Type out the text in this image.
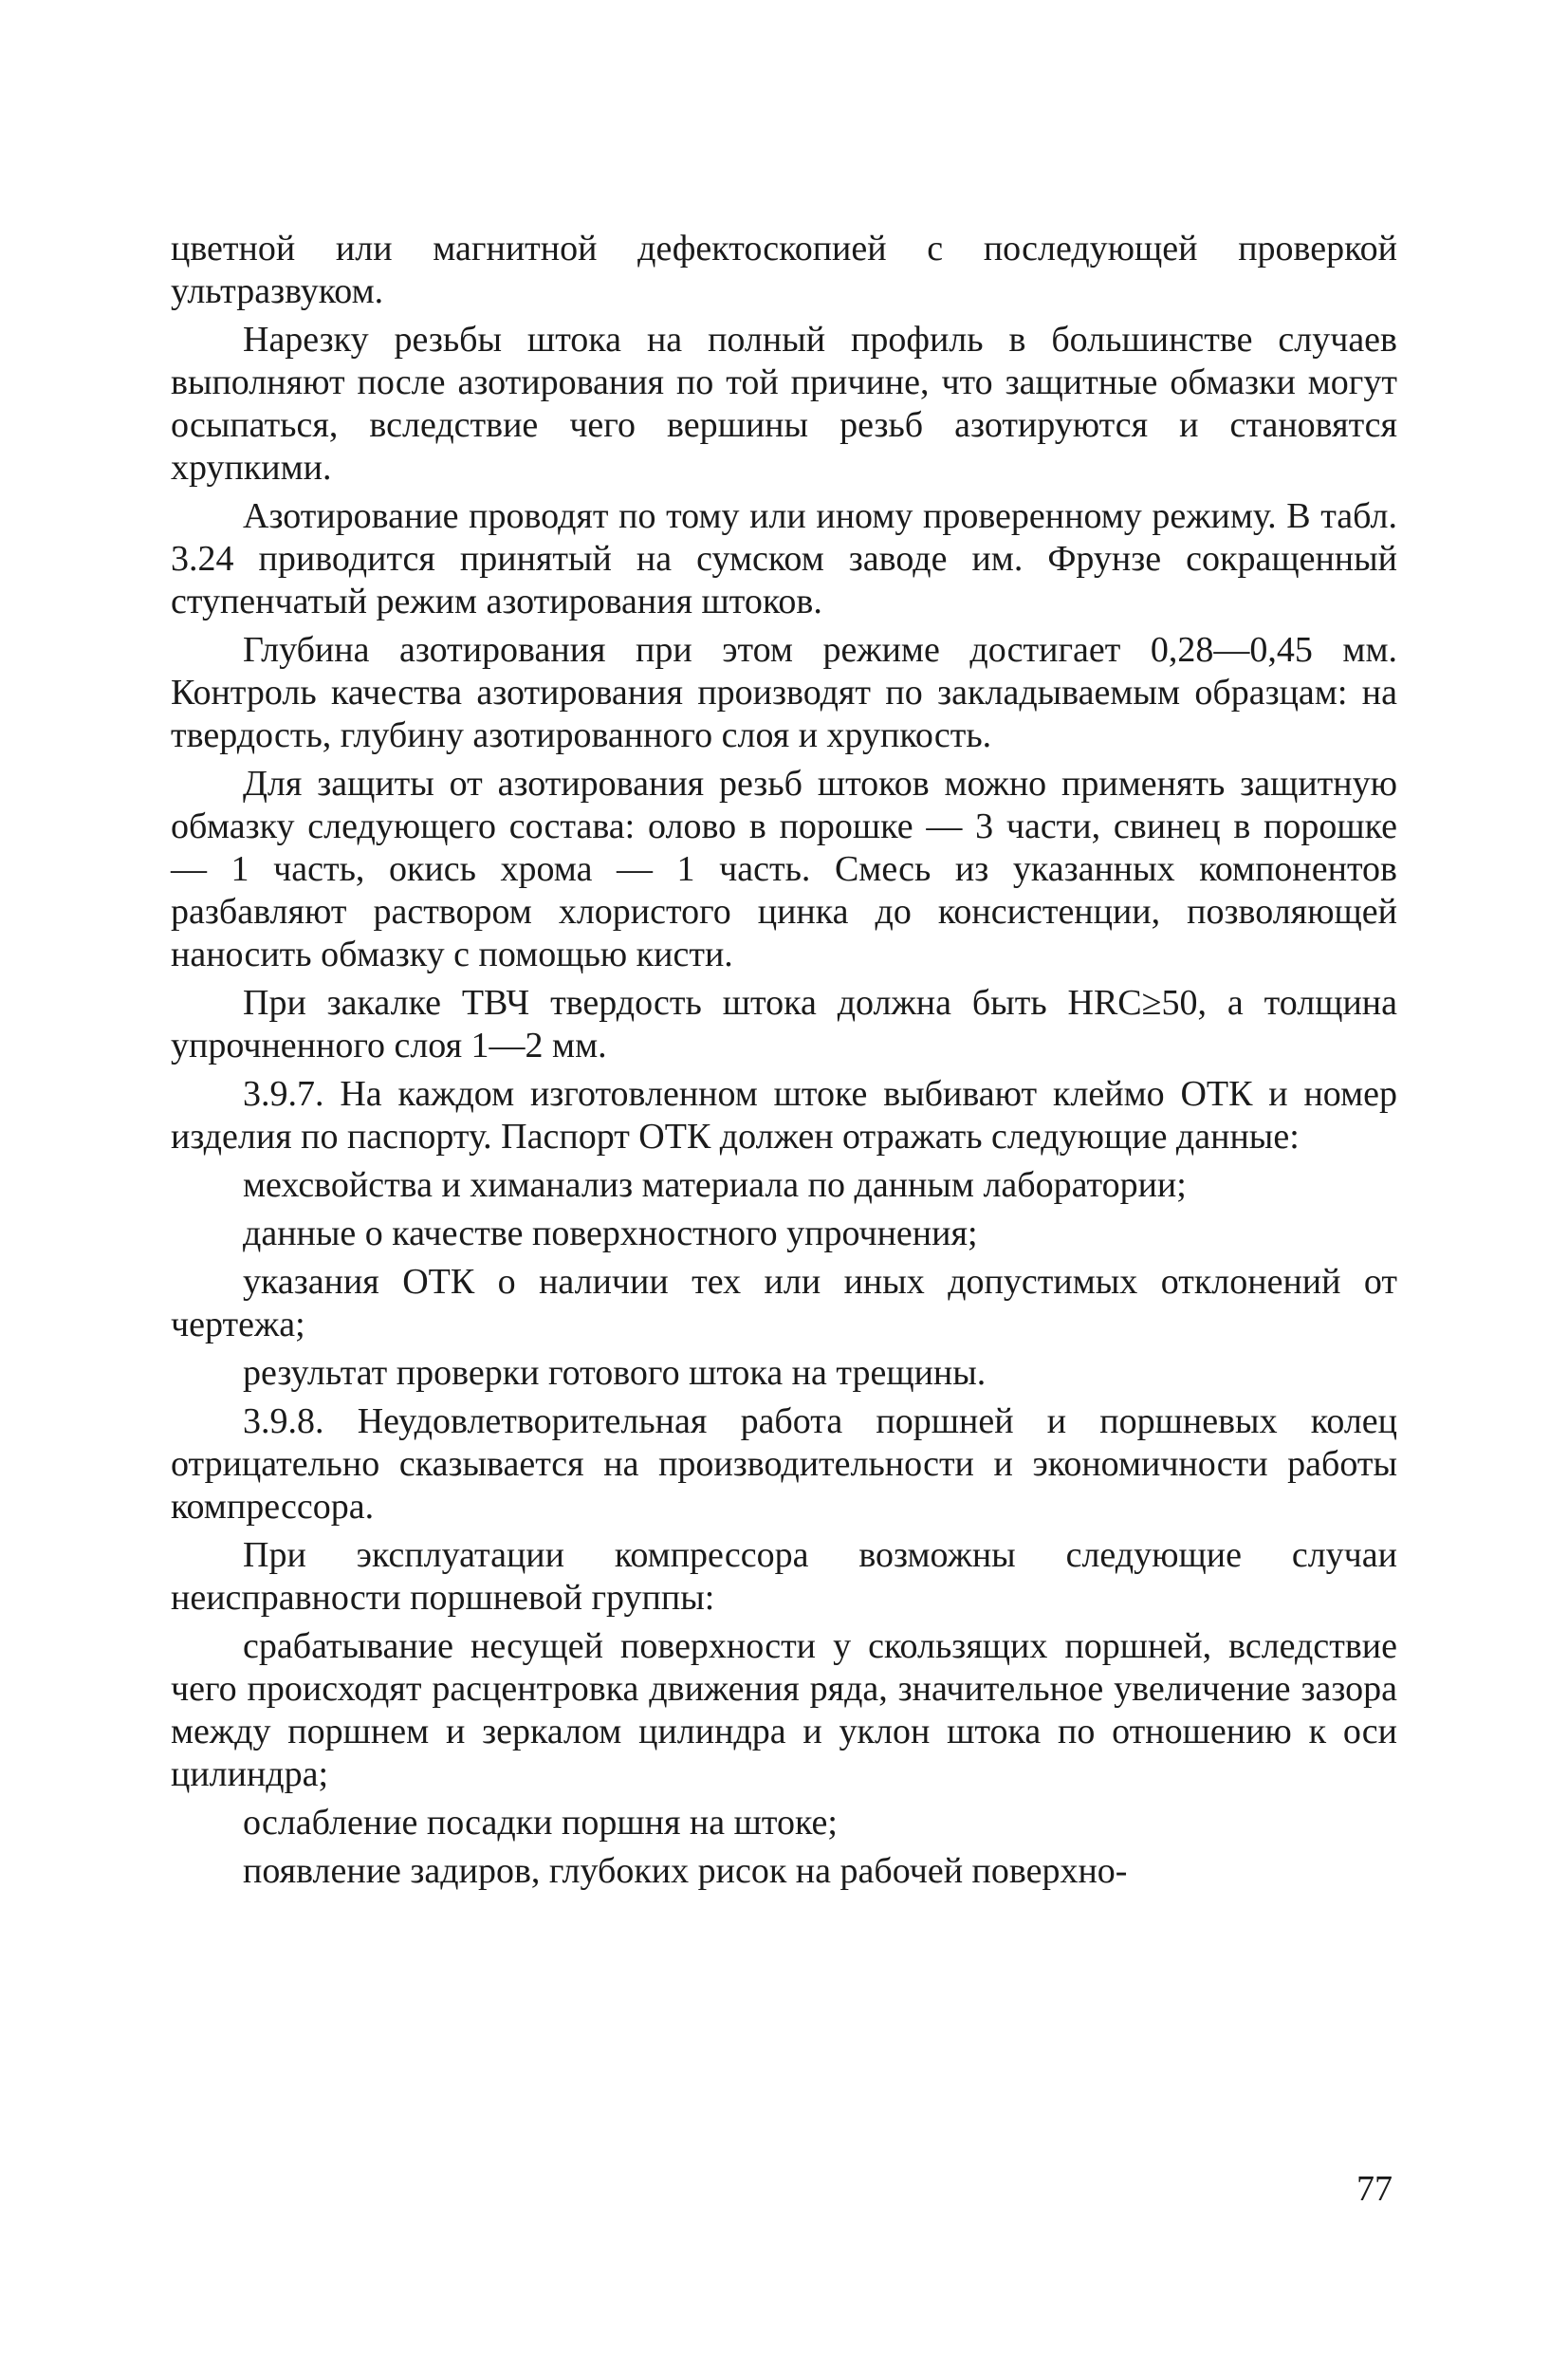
цветной или магнитной дефектоскопией с последующей проверкой ультразвуком.

Нарезку резьбы штока на полный профиль в большинстве случаев выполняют после азотирования по той причине, что защитные обмазки могут осыпаться, вследствие чего вершины резьб азотируются и становятся хрупкими.

Азотирование проводят по тому или иному проверенному режиму. В табл. 3.24 приводится принятый на сумском заводе им. Фрунзе сокращенный ступенчатый режим азотирования штоков.

Глубина азотирования при этом режиме достигает 0,28—0,45 мм. Контроль качества азотирования производят по закладываемым образцам: на твердость, глубину азотированного слоя и хрупкость.

Для защиты от азотирования резьб штоков можно применять защитную обмазку следующего состава: олово в порошке — 3 части, свинец в порошке — 1 часть, окись хрома — 1 часть. Смесь из указанных компонентов разбавляют раствором хлористого цинка до консистенции, позволяющей наносить обмазку с помощью кисти.

При закалке ТВЧ твердость штока должна быть HRC≥50, а толщина упрочненного слоя 1—2 мм.

3.9.7. На каждом изготовленном штоке выбивают клеймо ОТК и номер изделия по паспорту. Паспорт ОТК должен отражать следующие данные:

мехсвойства и химанализ материала по данным лаборатории;

данные о качестве поверхностного упрочнения;

указания ОТК о наличии тех или иных допустимых отклонений от чертежа;

результат проверки готового штока на трещины.

3.9.8. Неудовлетворительная работа поршней и поршневых колец отрицательно сказывается на производительности и экономичности работы компрессора.

При эксплуатации компрессора возможны следующие случаи неисправности поршневой группы:

срабатывание несущей поверхности у скользящих поршней, вследствие чего происходят расцентровка движения ряда, значительное увеличение зазора между поршнем и зеркалом цилиндра и уклон штока по отношению к оси цилиндра;

ослабление посадки поршня на штоке;

появление задиров, глубоких рисок на рабочей поверхно-

77
